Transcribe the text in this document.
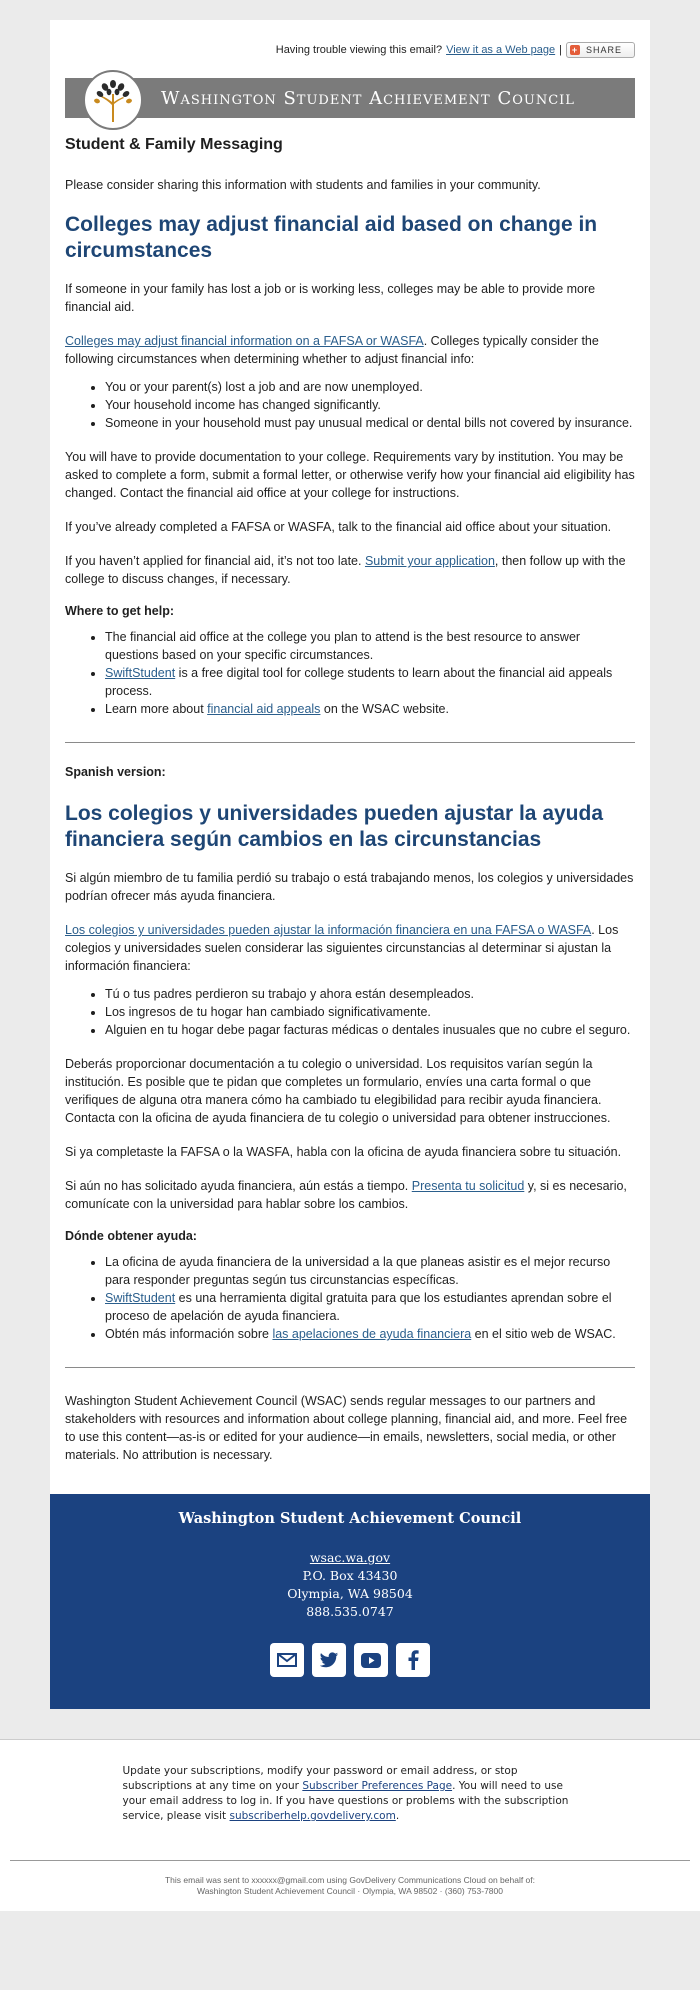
Having trouble viewing this email? View it as a Web page | + SHARE
Washington Student Achievement Council
Student & Family Messaging

Please consider sharing this information with students and families in your community.

Colleges may adjust financial aid based on change in circumstances

If someone in your family has lost a job or is working less, colleges may be able to provide more financial aid.

Colleges may adjust financial information on a FAFSA or WASFA. Colleges typically consider the following circumstances when determining whether to adjust financial info:

• You or your parent(s) lost a job and are now unemployed.
• Your household income has changed significantly.
• Someone in your household must pay unusual medical or dental bills not covered by insurance.

You will have to provide documentation to your college. Requirements vary by institution. You may be asked to complete a form, submit a formal letter, or otherwise verify how your financial aid eligibility has changed. Contact the financial aid office at your college for instructions.

If you’ve already completed a FAFSA or WASFA, talk to the financial aid office about your situation.

If you haven’t applied for financial aid, it’s not too late. Submit your application, then follow up with the college to discuss changes, if necessary.

Where to get help:
• The financial aid office at the college you plan to attend is the best resource to answer questions based on your specific circumstances.
• SwiftStudent is a free digital tool for college students to learn about the financial aid appeals process.
• Learn more about financial aid appeals on the WSAC website.
Spanish version:
Los colegios y universidades pueden ajustar la ayuda financiera según cambios en las circunstancias

Si algún miembro de tu familia perdió su trabajo o está trabajando menos, los colegios y universidades podrían ofrecer más ayuda financiera.

Los colegios y universidades pueden ajustar la información financiera en una FAFSA o WASFA. Los colegios y universidades suelen considerar las siguientes circunstancias al determinar si ajustan la información financiera:

• Tú o tus padres perdieron su trabajo y ahora están desempleados.
• Los ingresos de tu hogar han cambiado significativamente.
• Alguien en tu hogar debe pagar facturas médicas o dentales inusuales que no cubre el seguro.

Deberás proporcionar documentación a tu colegio o universidad. Los requisitos varían según la institución. Es posible que te pidan que completes un formulario, envíes una carta formal o que verifiques de alguna otra manera cómo ha cambiado tu elegibilidad para recibir ayuda financiera. Contacta con la oficina de ayuda financiera de tu colegio o universidad para obtener instrucciones.

Si ya completaste la FAFSA o la WASFA, habla con la oficina de ayuda financiera sobre tu situación.

Si aún no has solicitado ayuda financiera, aún estás a tiempo. Presenta tu solicitud y, si es necesario, comunícate con la universidad para hablar sobre los cambios.

Dónde obtener ayuda:
• La oficina de ayuda financiera de la universidad a la que planeas asistir es el mejor recurso para responder preguntas según tus circunstancias específicas.
• SwiftStudent es una herramienta digital gratuita para que los estudiantes aprendan sobre el proceso de apelación de ayuda financiera.
• Obtén más información sobre las apelaciones de ayuda financiera en el sitio web de WSAC.

Washington Student Achievement Council (WSAC) sends regular messages to our partners and stakeholders with resources and information about college planning, financial aid, and more. Feel free to use this content—as-is or edited for your audience—in emails, newsletters, social media, or other materials. No attribution is necessary.

Washington Student Achievement Council
wsac.wa.gov
P.O. Box 43430
Olympia, WA 98504
888.535.0747
Update your subscriptions, modify your password or email address, or stop subscriptions at any time on your Subscriber Preferences Page. You will need to use your email address to log in. If you have questions or problems with the subscription service, please visit subscriberhelp.govdelivery.com.
This email was sent to xxxxxx@gmail.com using GovDelivery Communications Cloud on behalf of:
Washington Student Achievement Council · Olympia, WA 98502 · (360) 753-7800
